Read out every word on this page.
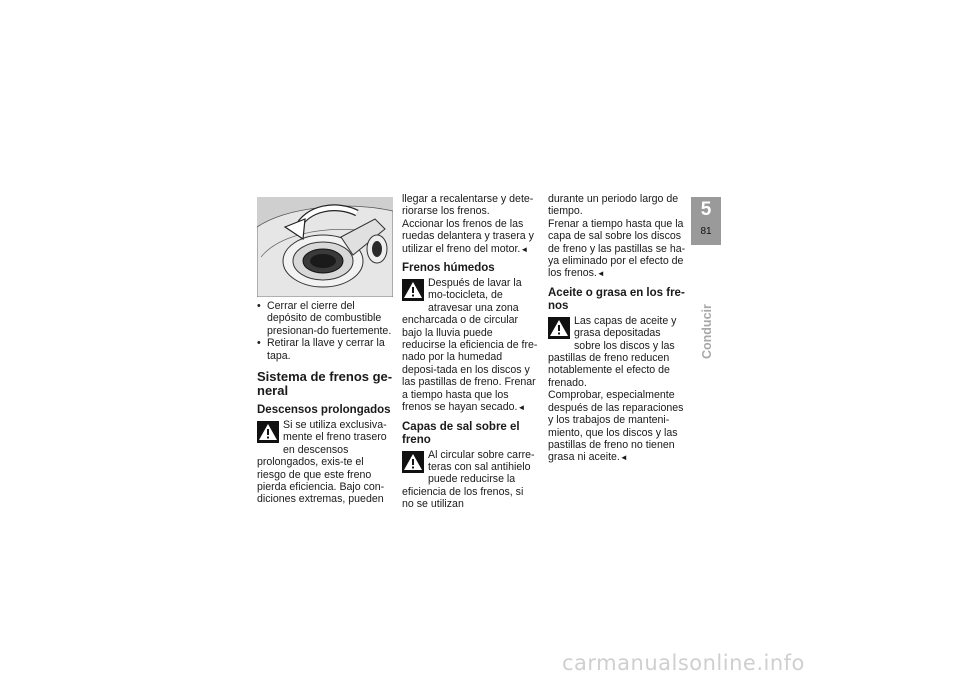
• Cerrar el cierre del depósito de combustible presionan-do fuertemente.

• Retirar la llave y cerrar la tapa.

Sistema de frenos ge-neral
Descensos prolongados

Si se utiliza exclusiva-mente el freno trasero en descensos prolongados, exis-te el riesgo de que este freno pierda eficiencia. Bajo con-diciones extremas, pueden

llegar a recalentarse y dete-riorarse los frenos.

Accionar los frenos de las ruedas delantera y trasera y utilizar el freno del motor.◄

Frenos húmedos

Después de lavar la mo-tocicleta, de atravesar una zona encharcada o de circular bajo la lluvia puede reducirse la eficiencia de fre-nado por la humedad deposi-tada en los discos y las pastillas de freno. Frenar a tiempo hasta que los frenos se hayan secado.◄

Capas de sal sobre el freno

Al circular sobre carre-teras con sal antihielo puede reducirse la eficiencia de los frenos, si no se utilizan

durante un periodo largo de tiempo.

Frenar a tiempo hasta que la capa de sal sobre los discos de freno y las pastillas se ha-ya eliminado por el efecto de los frenos.◄

Aceite o grasa en los fre-nos

Las capas de aceite y grasa depositadas sobre los discos y las pastillas de freno reducen notablemente el efecto de frenado.

Comprobar, especialmente después de las reparaciones y los trabajos de manteni-miento, que los discos y las pastillas de freno no tienen grasa ni aceite.◄

5
81
Conducir
carmanualsonline.info
